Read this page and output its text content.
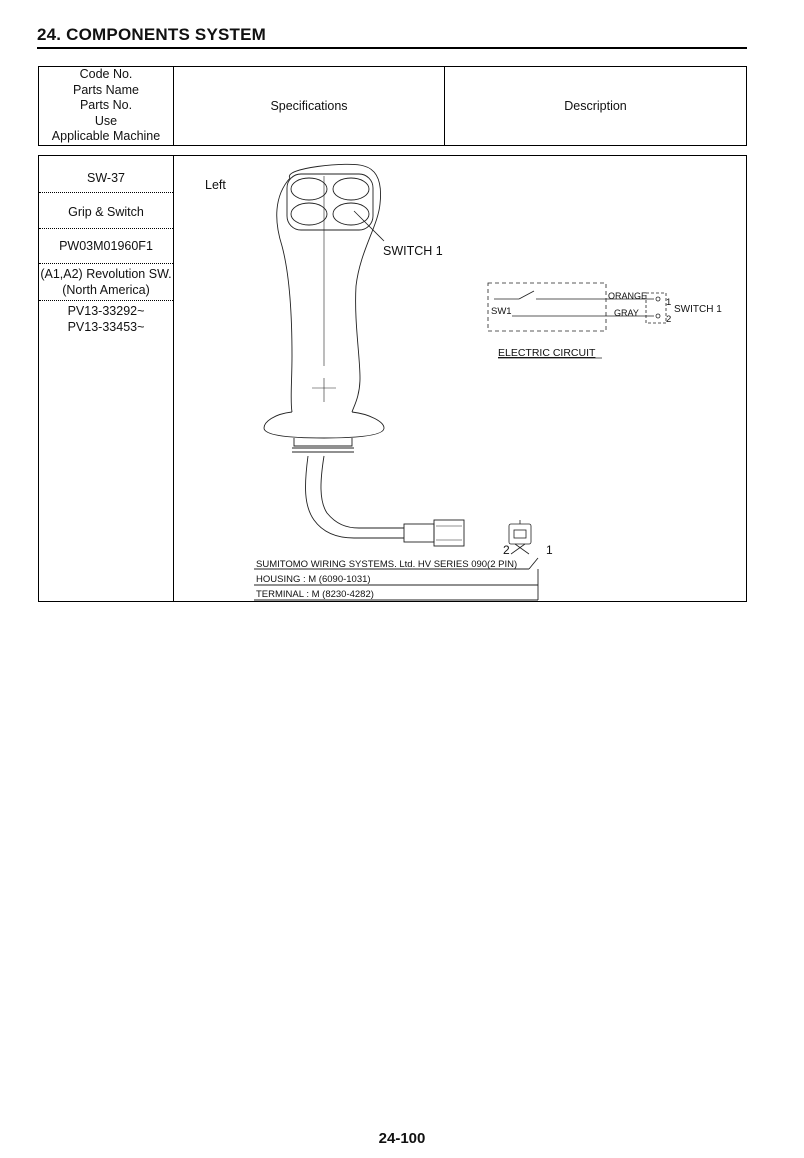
24. COMPONENTS SYSTEM
Code No.
Parts Name
Parts No.
Use
Applicable Machine
Specifications	Description
SW-37
Grip & Switch
PW03M01960F1
(A1,A2) Revolution SW.
(North America)
PV13-33292~
PV13-33453~
Left
2	1
SWITCH 1
ORANGE
GRAY
SW1
1
2
SWITCH 1
ELECTRIC CIRCUIT
SUMITOMO WIRING SYSTEMS. Ltd. HV SERIES 090(2 PIN)
HOUSING : M (6090-1031)
TERMINAL : M (8230-4282)
24-100
